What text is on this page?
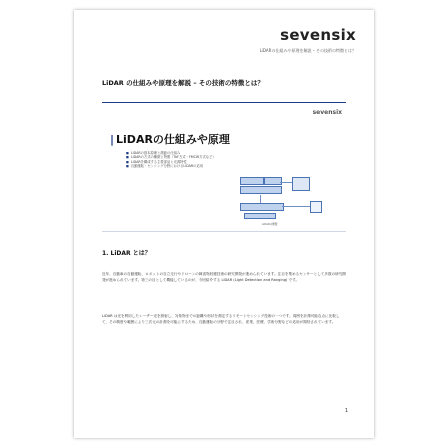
sevensix
LiDARの仕組みや原理を解説 – その技術の特徴とは？
LiDAR の仕組みや原理を解説 – その技術の特徴とは？
sevensix
| LiDARの仕組みや原理
■ LiDARの基本原理と測距の仕組み
■ LiDARの方式の種類と特徴（ToF方式・FMCW方式など）
■ LiDARを構成する主要部品と光源特性
■ 自動運転・センシング分野におけるLiDARの応用
LiDARの概要
1. LiDAR とは？
近年、自動車の自動運転、ロボットの自立走行やドローンの障害物回避技術の研究開発が進められています。注目を集めるセンサーとして多数の研究開発が進められています。第三の目として機能しているのが、今回紹介する LiDAR (Light Detection and Ranging) です。
LiDAR は光を利用したレーザー光を照射し、対象物までの距離や形状を測定するリモートセンシング技術の一つです。周囲を計測可能な点に比較して、その精度や範囲により三次元の計測を可能にするため、自動運転の分野で注目され、産業、医療、学術分野などの応用が期待されています。
1
